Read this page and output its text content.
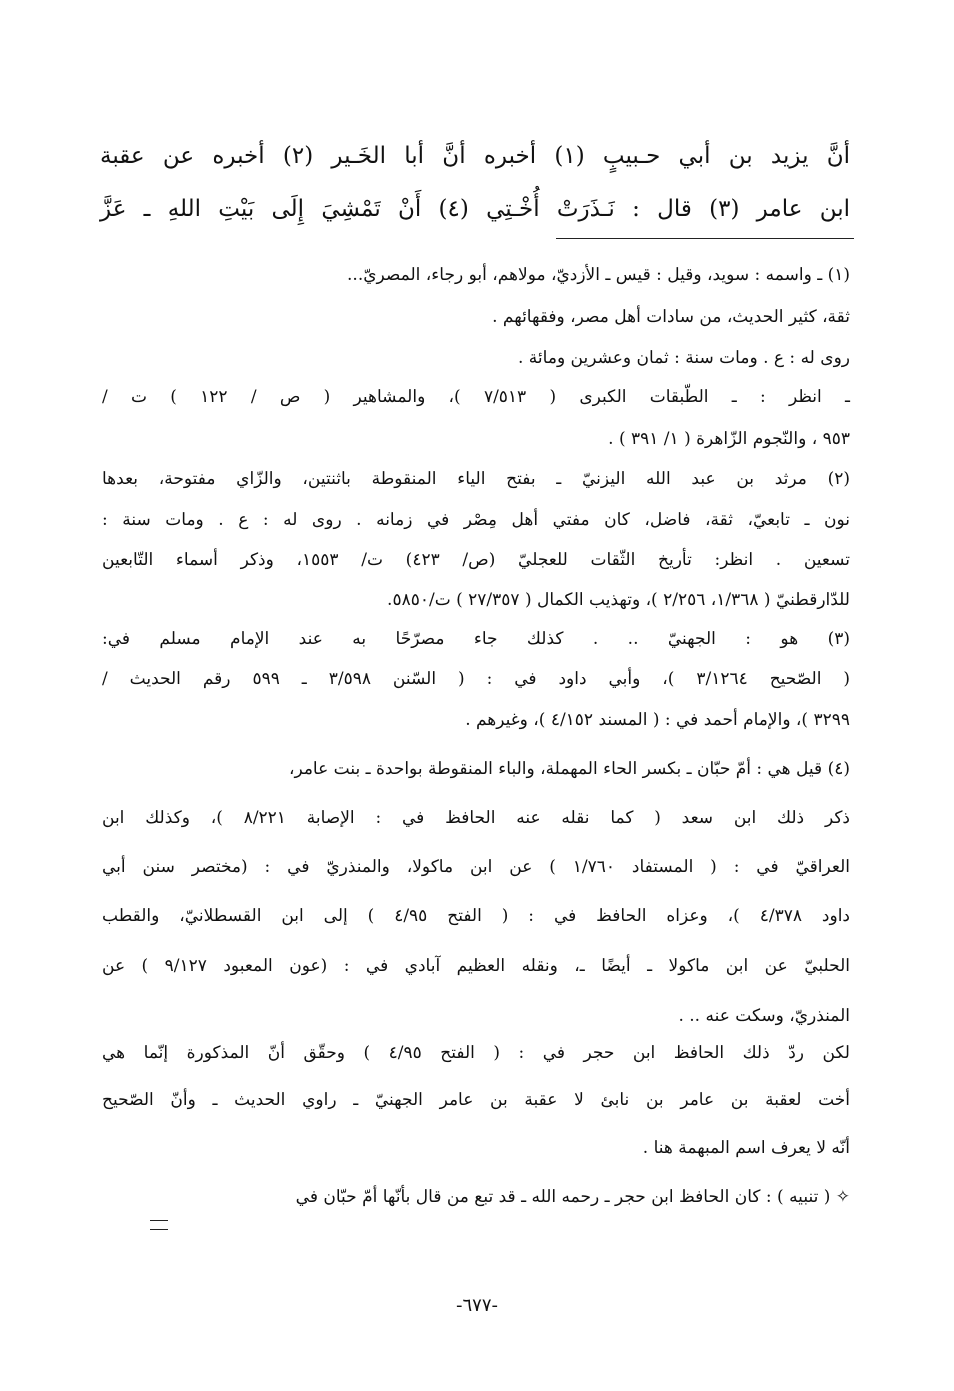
أنَّ يزيد بن أبي حـبيبٍ (١) أخبره أنَّ أبا الخَـير (٢) أخبره عن عقبة
ابن عامر (٣) قال : نَـذَرَتْ أُخْـتِي (٤) أَنْ تَمْشِيَ إِلَى بَيْتِ اللهِ ـ عَزَّ
(١) ـ واسمه : سويد، وقيل : قيس ـ الأزديّ، مولاهم، أبو رجاء، المصريّ...
ثقة، كثير الحديث، من سادات أهل مصر، وفقهائهم .
روى له : ع . ومات سنة : ثمان وعشرين ومائة .
ـ انظر : ـ الطّبقات الكبرى ( ٧/٥١٣ )، والمشاهير ( ص / ١٢٢ ) ت /
٩٥٣ ، والنّجوم الزّاهرة ( ١/ ٣٩١ ) .
(٢) مرثد بن عبد الله اليزنيّ ـ بفتح الياء المنقوطة باثنتين، والزّاي مفتوحة، بعدها
نون ـ تابعيّ، ثقة، فاضل، كان مفتي أهل مِصْر في زمانه . روى له : ع . ومات سنة :
تسعين . انظر: تأريخ الثّقات للعجليّ (ص/ ٤٢٣) ت/ ١٥٥٣، وذكر أسماء التّابعين
للدّارقطنيّ ( ١/٣٦٨، ٢/٢٥٦ )، وتهذيب الكمال ( ٢٧/٣٥٧ ) ت/٥٨٥٠.
(٣) هو : الجهنيّ .. . كذلك جاء مصرّحًا به عند الإمام مسلم في:
( الصّحيح ٣/١٢٦٤ )، وأبي داود في : ( السّنن ٣/٥٩٨ ـ ٥٩٩ رقم الحديث /
٣٢٩٩ )، والإمام أحمد في : ( المسند ٤/١٥٢ )، وغيرهم .
(٤) قيل هي : أمّ حبّان ـ بكسر الحاء المهملة، والباء المنقوطة بواحدة ـ بنت عامر،
ذكر ذلك ابن سعد ( كما نقله عنه الحافظ في : الإصابة ٨/٢٢١ )، وكذلك ابن
العراقيّ في : ( المستفاد ١/٧٦٠ ) عن ابن ماكولا، والمنذريّ في : (مختصر سنن أبي
داود ٤/٣٧٨ )، وعزاه الحافظ في : ( الفتح ٤/٩٥ ) إلى ابن القسطلانيّ، والقطب
الحلبيّ عن ابن ماكولا ـ أيضًا ـ، ونقله العظيم آبادي في : (عون المعبود ٩/١٢٧ ) عن
المنذريّ، وسكت عنه .. .
لكن ردّ ذلك الحافظ ابن حجر في : ( الفتح ٤/٩٥ ) وحقّق أنّ المذكورة إنّما هي
أخت لعقبة بن عامر بن نابئ لا عقبة بن عامر الجهنيّ ـ راوي الحديث ـ وأنّ الصّحيح
أنّه لا يعرف اسم المبهمة هنا .
✧ ( تنبيه ) : كان الحافظ ابن حجر ـ رحمه الله ـ قد تبع من قال بأنّها أمّ حبّان في
-٦٧٧-
